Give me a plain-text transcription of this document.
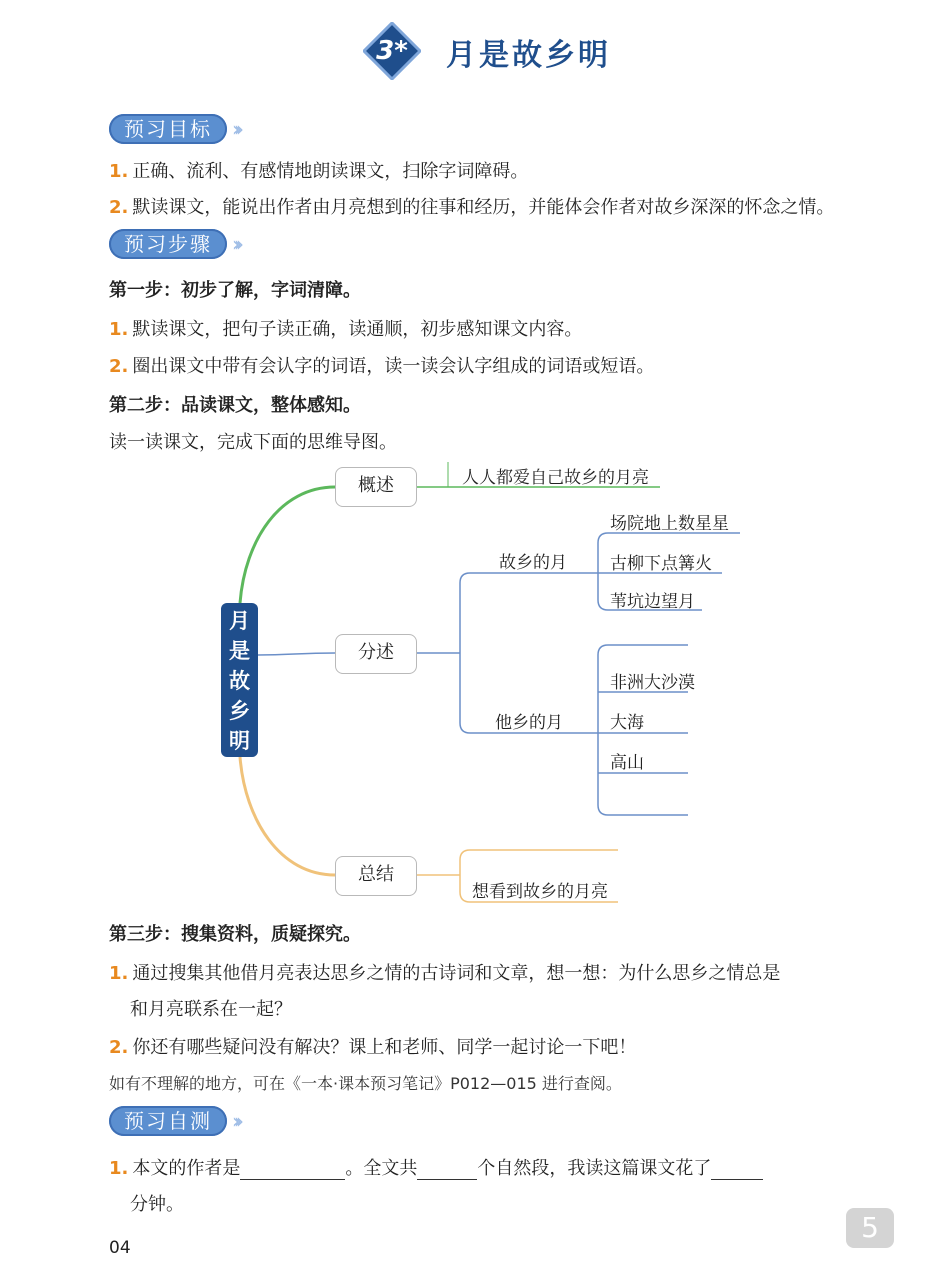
3*	月是故乡明
预习目标	›››
1. 正确、流利、有感情地朗读课文，扫除字词障碍。
2. 默读课文，能说出作者由月亮想到的往事和经历，并能体会作者对故乡深深的怀念之情。
预习步骤	›››
第一步：初步了解，字词清障。
1. 默读课文，把句子读正确，读通顺，初步感知课文内容。
2. 圈出课文中带有会认字的词语，读一读会认字组成的词语或短语。
第二步：品读课文，整体感知。
读一读课文，完成下面的思维导图。
月
是
故
乡
明
概述	人人都爱自己故乡的月亮
分述
故乡的月
场院地上数星星
古柳下点篝火
苇坑边望月
他乡的月
非洲大沙漠
大海
高山
总结
想看到故乡的月亮
第三步：搜集资料，质疑探究。
1. 通过搜集其他借月亮表达思乡之情的古诗词和文章，想一想：为什么思乡之情总是
和月亮联系在一起？
2. 你还有哪些疑问没有解决？课上和老师、同学一起讨论一下吧！
如有不理解的地方，可在《一本·课本预习笔记》P012—015 进行查阅。
预习自测	›››
1. 本文的作者是	。全文共	个自然段，我读这篇课文花了
分钟。
04
5
